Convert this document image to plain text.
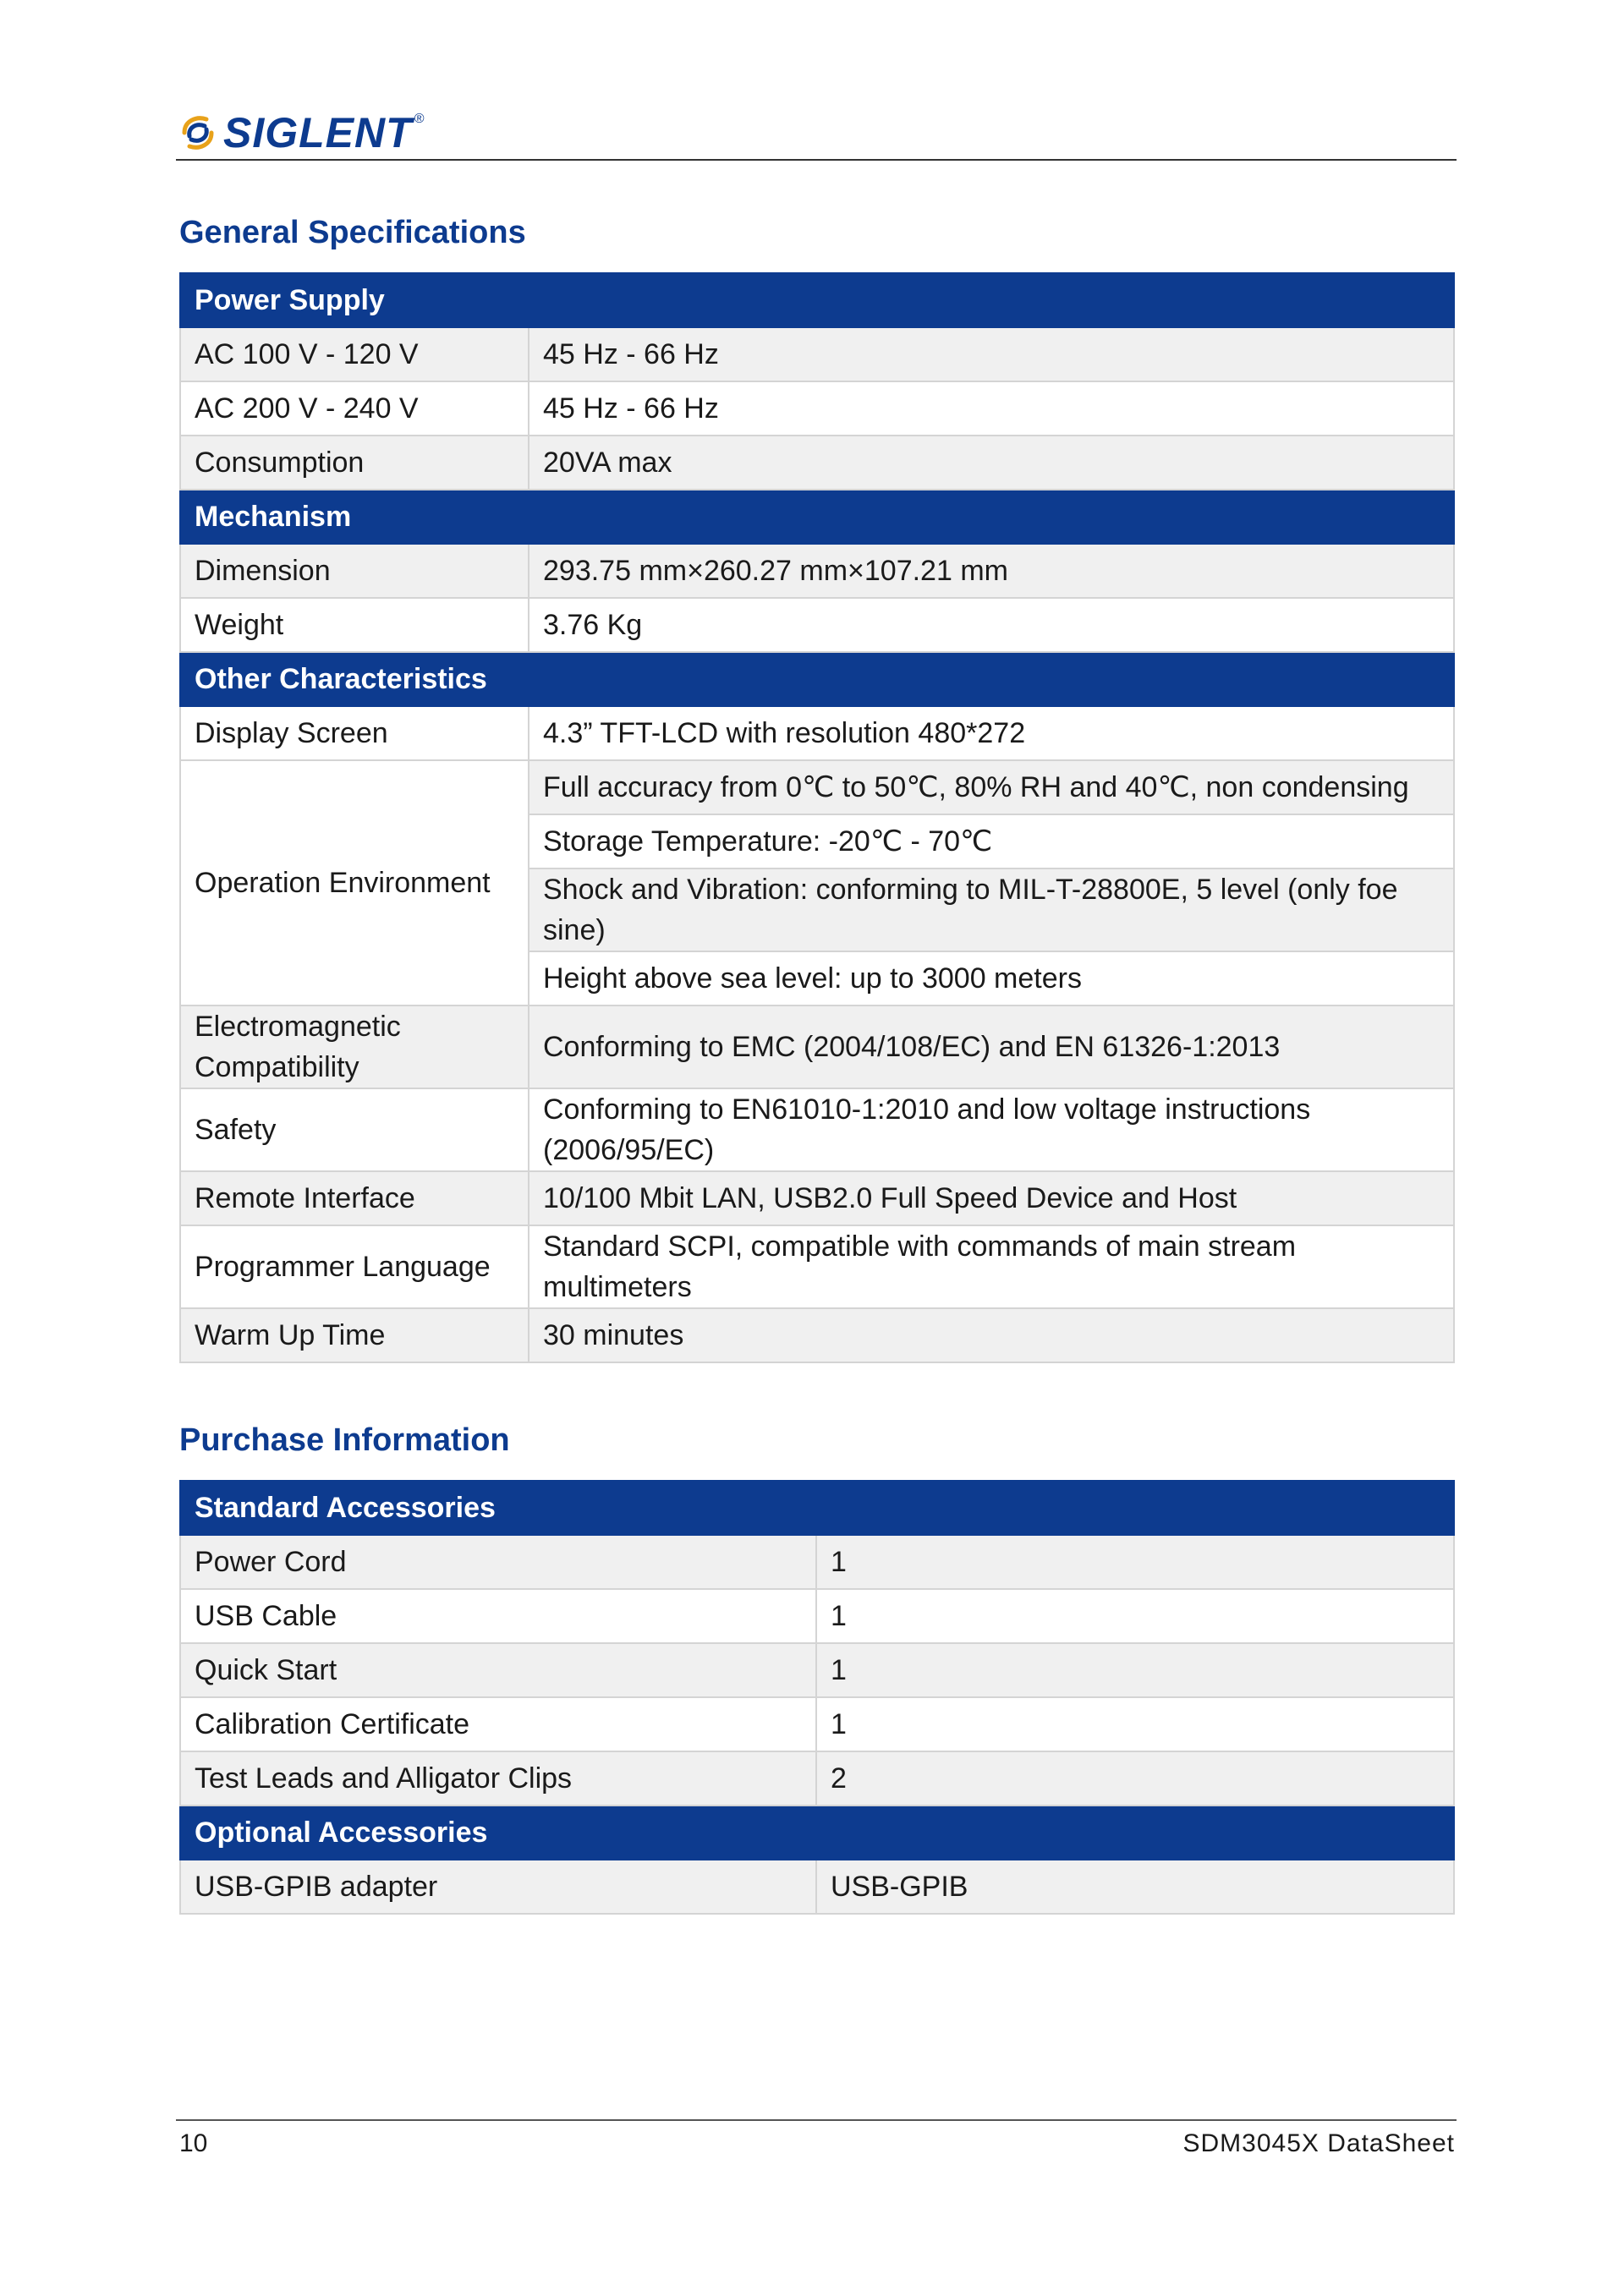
SIGLENT ®
General Specifications
Power Supply	
AC 100 V - 120 V	45 Hz - 66 Hz
AC 200 V - 240 V	45 Hz - 66 Hz
Consumption	20VA max
Mechanism	
Dimension	293.75 mm×260.27 mm×107.21 mm
Weight	3.76 Kg
Other Characteristics	
Display Screen	4.3” TFT-LCD with resolution 480*272
Operation Environment	Full accuracy from 0℃ to 50℃, 80% RH and 40℃, non condensing
	Storage Temperature: -20℃ - 70℃
	Shock and Vibration: conforming to MIL-T-28800E, 5 level (only foe sine)
	Height above sea level: up to 3000 meters
Electromagnetic Compatibility	Conforming to EMC (2004/108/EC) and EN 61326-1:2013
Safety	Conforming to EN61010-1:2010 and low voltage instructions (2006/95/EC)
Remote Interface	10/100 Mbit LAN, USB2.0 Full Speed Device and Host
Programmer Language	Standard SCPI, compatible with commands of main stream multimeters
Warm Up Time	30 minutes
Purchase Information
Standard Accessories	
Power Cord	1
USB Cable	1
Quick Start	1
Calibration Certificate	1
Test Leads and Alligator Clips	2
Optional Accessories	
USB-GPIB adapter	USB-GPIB
10	SDM3045X DataSheet
